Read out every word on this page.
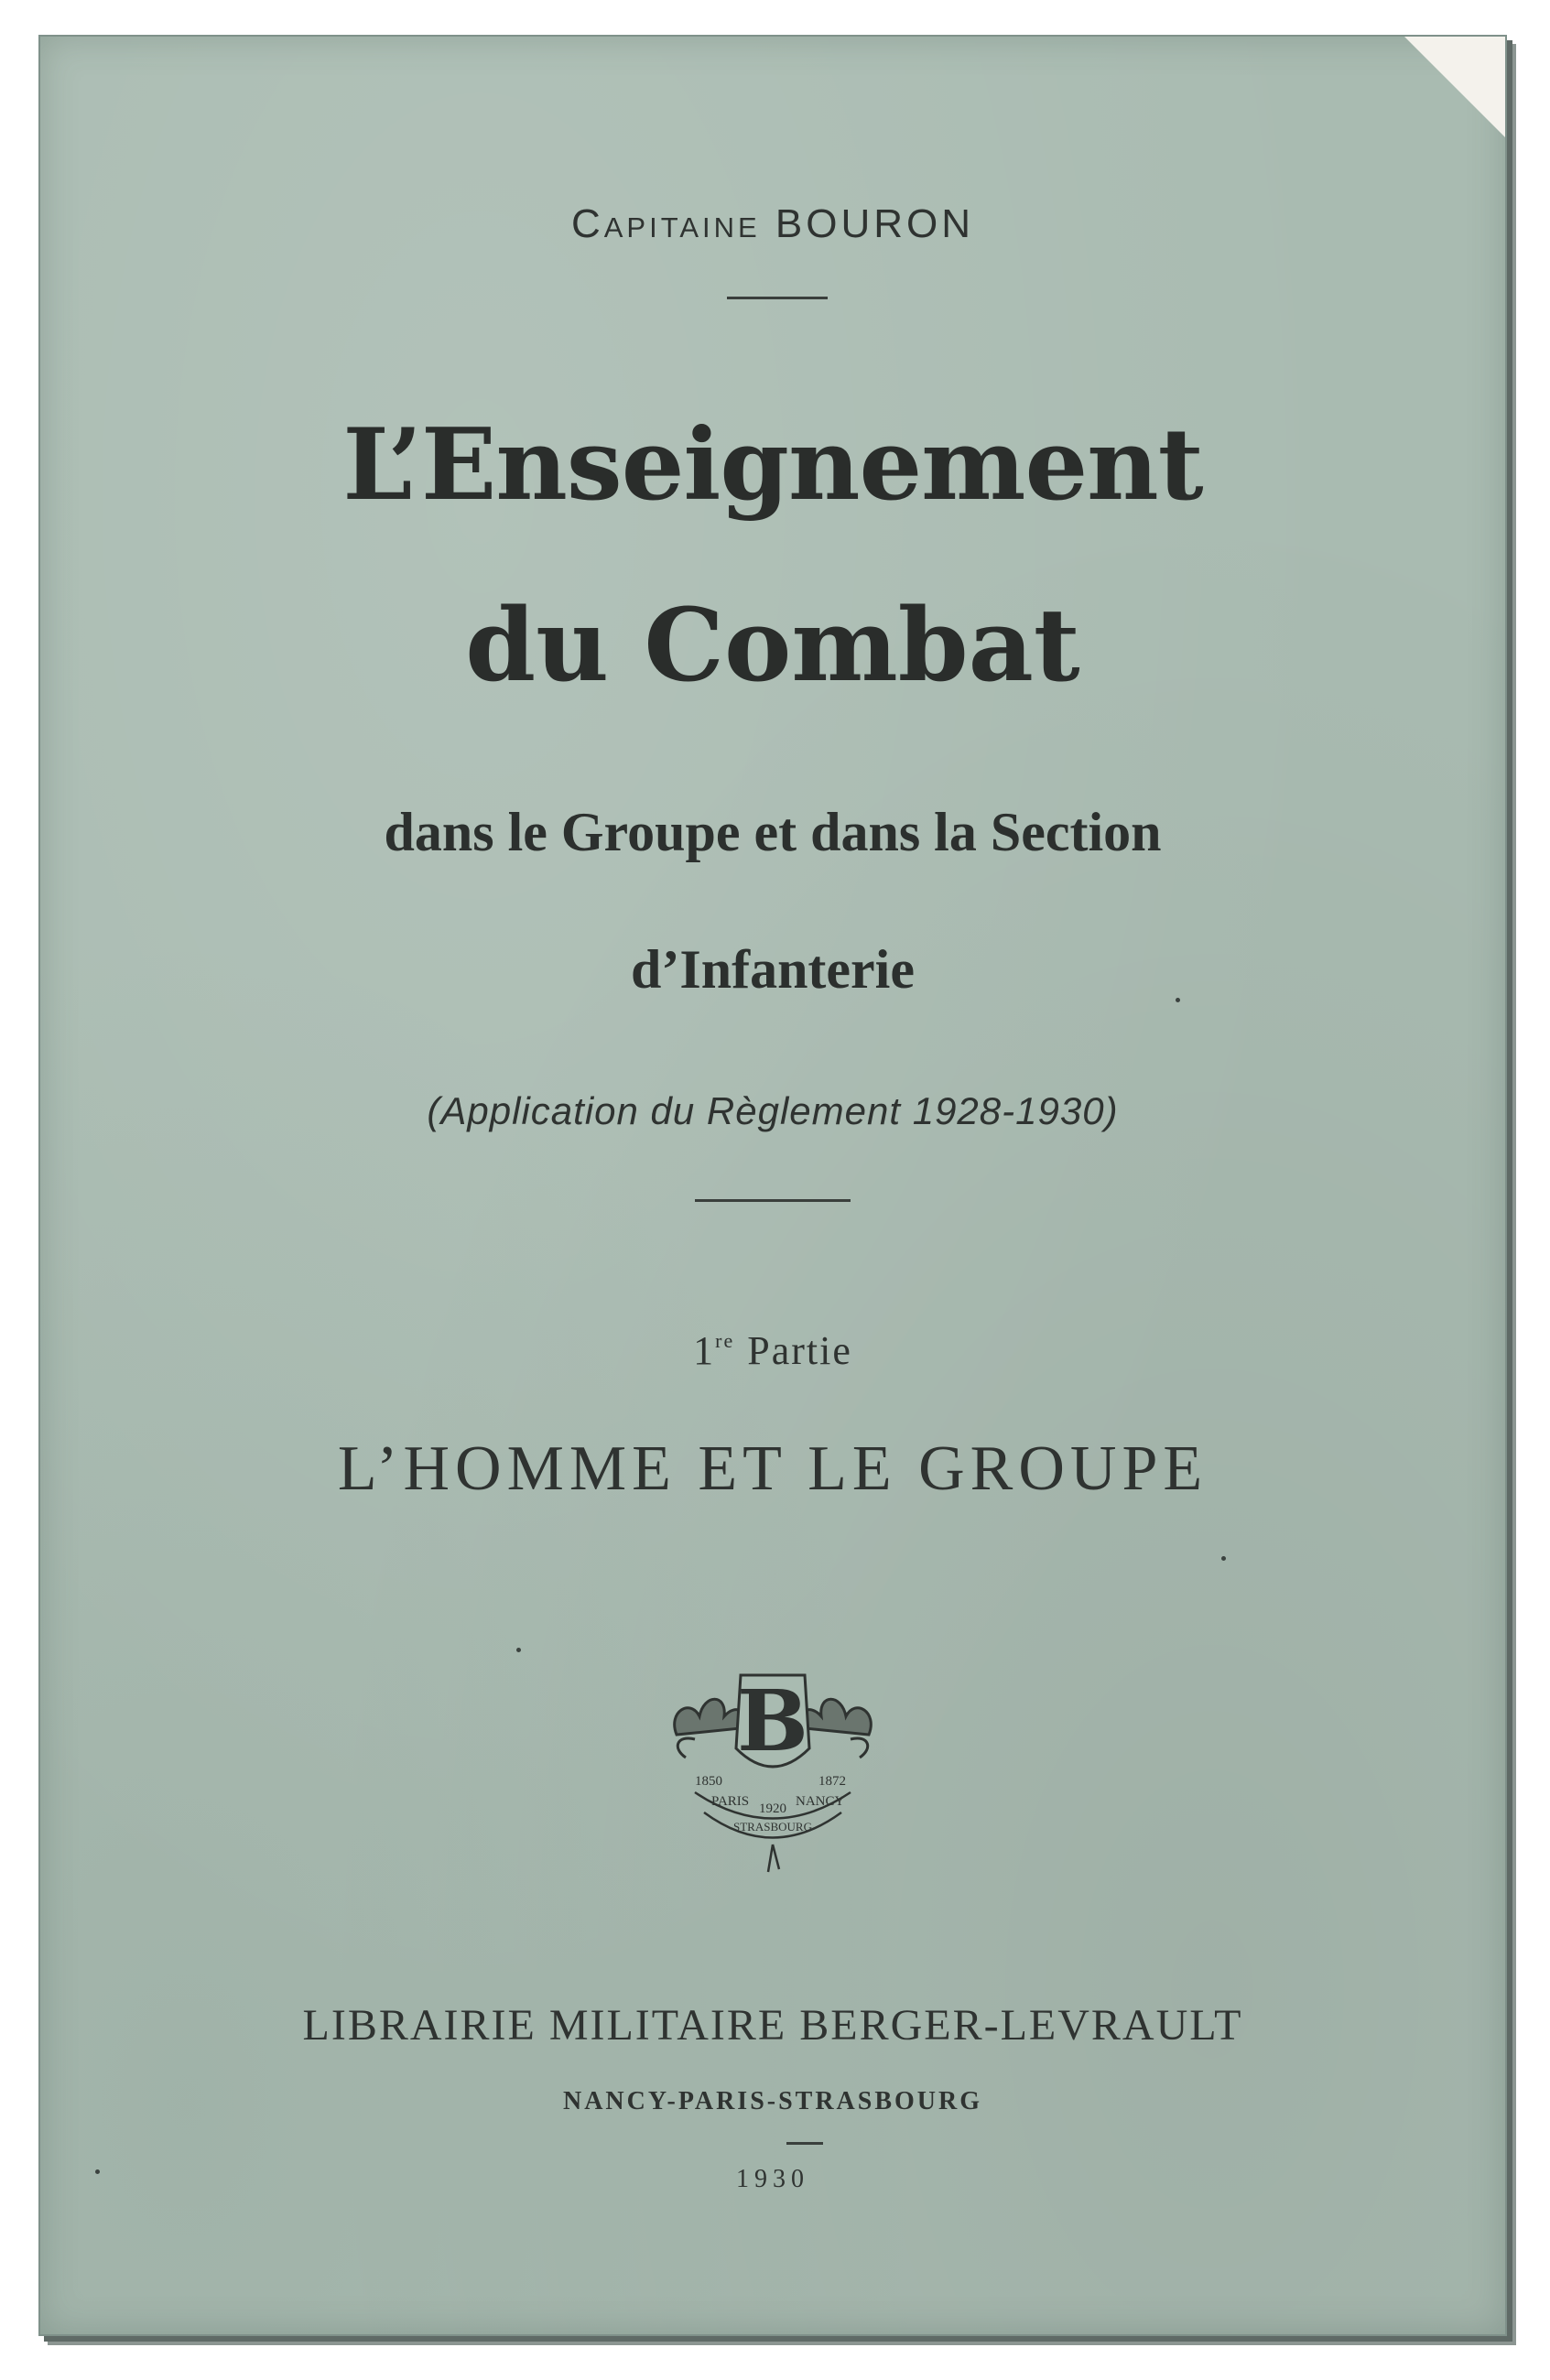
Capitaine BOURON
L’Enseignement
du Combat
dans le Groupe et dans la Section
d’Infanterie
(Application du Règlement 1928-1930)
1re Partie
L’HOMME ET LE GROUPE
B
1850	1872
PARIS	NANCY
1920
STRASBOURG
LIBRAIRIE MILITAIRE BERGER-LEVRAULT
NANCY-PARIS-STRASBOURG
1930
